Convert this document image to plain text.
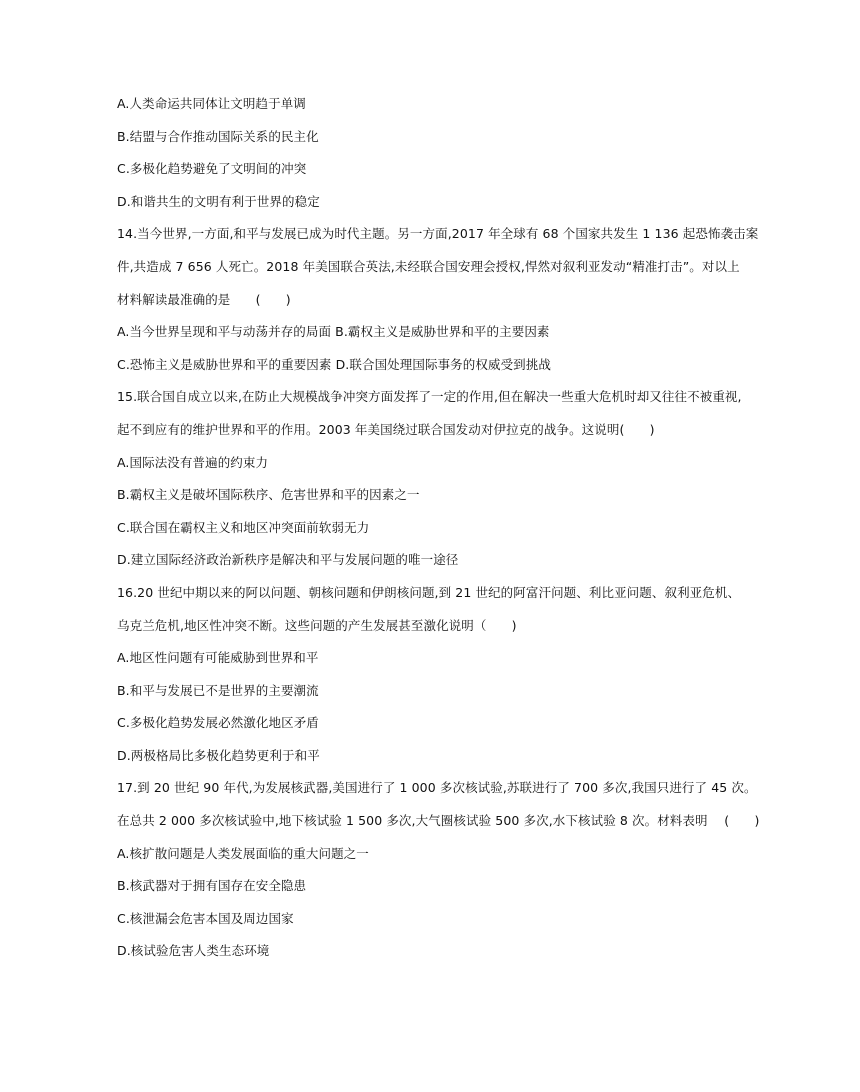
A.人类命运共同体让文明趋于单调
B.结盟与合作推动国际关系的民主化
C.多极化趋势避免了文明间的冲突
D.和谐共生的文明有利于世界的稳定
14.当今世界,一方面,和平与发展已成为时代主题。另一方面,2017 年全球有 68 个国家共发生 1 136 起恐怖袭击案
件,共造成 7 656 人死亡。2018 年美国联合英法,未经联合国安理会授权,悍然对叙利亚发动“精准打击”。对以上
材料解读最准确的是　　(　　)
A.当今世界呈现和平与动荡并存的局面 B.霸权主义是威胁世界和平的主要因素
C.恐怖主义是威胁世界和平的重要因素 D.联合国处理国际事务的权威受到挑战
15.联合国自成立以来,在防止大规模战争冲突方面发挥了一定的作用,但在解决一些重大危机时却又往往不被重视,
起不到应有的维护世界和平的作用。2003 年美国绕过联合国发动对伊拉克的战争。这说明(　　)
A.国际法没有普遍的约束力
B.霸权主义是破坏国际秩序、危害世界和平的因素之一
C.联合国在霸权主义和地区冲突面前软弱无力
D.建立国际经济政治新秩序是解决和平与发展问题的唯一途径
16.20 世纪中期以来的阿以问题、朝核问题和伊朗核问题,到 21 世纪的阿富汗问题、利比亚问题、叙利亚危机、
乌克兰危机,地区性冲突不断。这些问题的产生发展甚至激化说明（　　)
A.地区性问题有可能威胁到世界和平
B.和平与发展已不是世界的主要潮流
C.多极化趋势发展必然激化地区矛盾
D.两极格局比多极化趋势更利于和平
17.到 20 世纪 90 年代,为发展核武器,美国进行了 1 000 多次核试验,苏联进行了 700 多次,我国只进行了 45 次。
在总共 2 000 多次核试验中,地下核试验 1 500 多次,大气圈核试验 500 多次,水下核试验 8 次。材料表明　 (　　)
A.核扩散问题是人类发展面临的重大问题之一
B.核武器对于拥有国存在安全隐患
C.核泄漏会危害本国及周边国家
D.核试验危害人类生态环境
